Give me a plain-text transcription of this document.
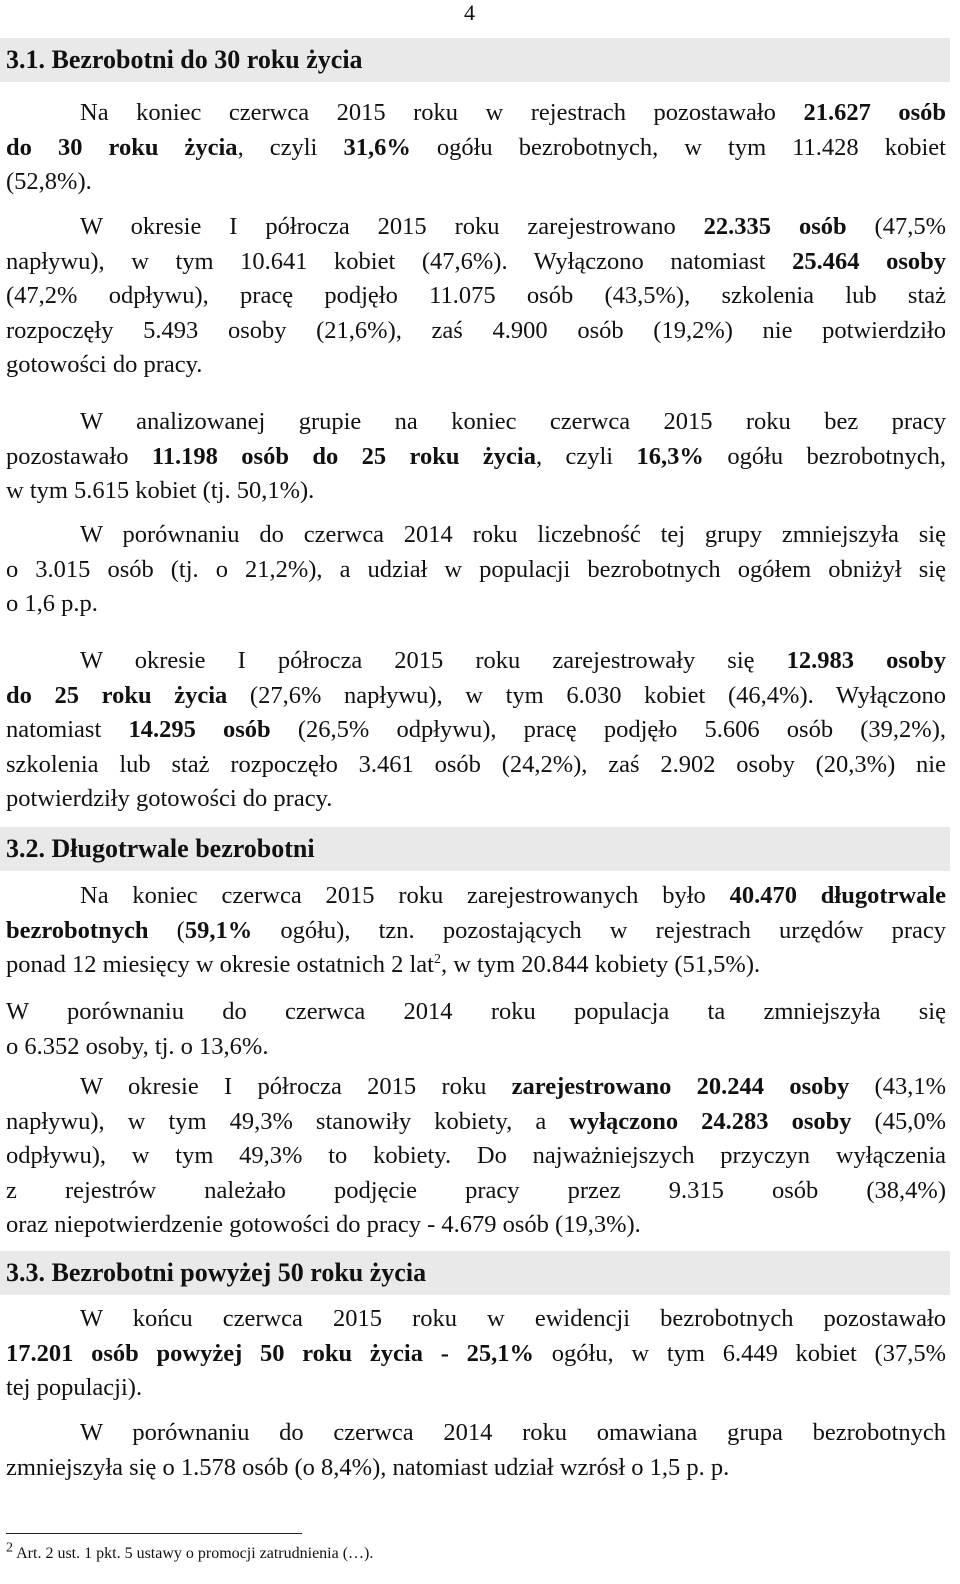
4
3.1. Bezrobotni do 30 roku życia
Na koniec czerwca 2015 roku w rejestrach pozostawało 21.627 osób
do 30 roku życia, czyli 31,6% ogółu bezrobotnych, w tym 11.428 kobiet
(52,8%).
W okresie I półrocza 2015 roku zarejestrowano 22.335 osób (47,5%
napływu), w tym 10.641 kobiet (47,6%). Wyłączono natomiast 25.464 osoby
(47,2% odpływu), pracę podjęło 11.075 osób (43,5%), szkolenia lub staż
rozpoczęły 5.493 osoby (21,6%), zaś 4.900 osób (19,2%) nie potwierdziło
gotowości do pracy.
W analizowanej grupie na koniec czerwca 2015 roku bez pracy
pozostawało 11.198 osób do 25 roku życia, czyli 16,3% ogółu bezrobotnych,
w tym 5.615 kobiet (tj. 50,1%).
W porównaniu do czerwca 2014 roku liczebność tej grupy zmniejszyła się
o 3.015 osób (tj. o 21,2%), a udział w populacji bezrobotnych ogółem obniżył się
o 1,6 p.p.
W okresie I półrocza 2015 roku zarejestrowały się 12.983 osoby
do 25 roku życia (27,6% napływu), w tym 6.030 kobiet (46,4%). Wyłączono
natomiast 14.295 osób (26,5% odpływu), pracę podjęło 5.606 osób (39,2%),
szkolenia lub staż rozpoczęło 3.461 osób (24,2%), zaś 2.902 osoby (20,3%) nie
potwierdziły gotowości do pracy.
3.2. Długotrwale bezrobotni
Na koniec czerwca 2015 roku zarejestrowanych było 40.470 długotrwale
bezrobotnych (59,1% ogółu), tzn. pozostających w rejestrach urzędów pracy
ponad 12 miesięcy w okresie ostatnich 2 lat$^2$, w tym 20.844 kobiety (51,5%).
W porównaniu do czerwca 2014 roku populacja ta zmniejszyła się
o 6.352 osoby, tj. o 13,6%.
W okresie I półrocza 2015 roku zarejestrowano 20.244 osoby (43,1%
napływu), w tym 49,3% stanowiły kobiety, a wyłączono 24.283 osoby (45,0%
odpływu), w tym 49,3% to kobiety. Do najważniejszych przyczyn wyłączenia
z rejestrów należało podjęcie pracy przez 9.315 osób (38,4%)
oraz niepotwierdzenie gotowości do pracy - 4.679 osób (19,3%).
3.3. Bezrobotni powyżej 50 roku życia
W końcu czerwca 2015 roku w ewidencji bezrobotnych pozostawało
17.201 osób powyżej 50 roku życia - 25,1% ogółu, w tym 6.449 kobiet (37,5%
tej populacji).
W porównaniu do czerwca 2014 roku omawiana grupa bezrobotnych
zmniejszyła się o 1.578 osób (o 8,4%), natomiast udział wzrósł o 1,5 p. p.
$^2$ Art. 2 ust. 1 pkt. 5 ustawy o promocji zatrudnienia (…).
